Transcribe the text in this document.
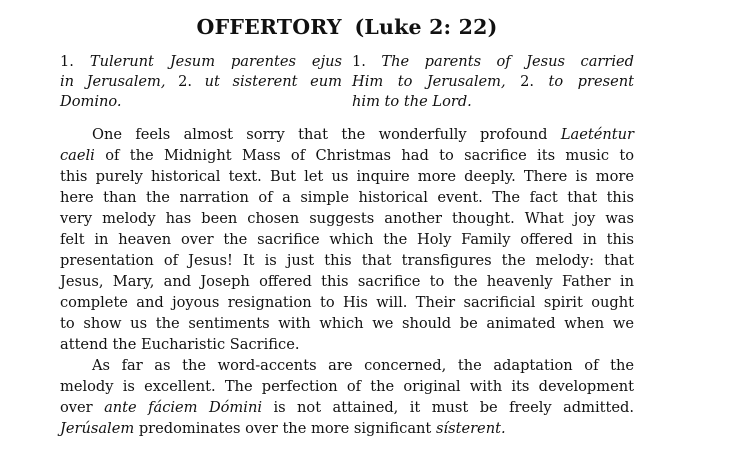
OFFERTORY (Luke 2: 22)
1. Tulerunt Jesum parentes ejus
in Jerusalem, 2. ut sisterent eum
Domino.
1. The parents of Jesus carried
Him to Jerusalem, 2. to present
him to the Lord.
One feels almost sorry that the wonderfully profound Laeténtur
caeli of the Midnight Mass of Christmas had to sacrifice its music to
this purely historical text. But let us inquire more deeply. There is more
here than the narration of a simple historical event. The fact that this
very melody has been chosen suggests another thought. What joy was
felt in heaven over the sacrifice which the Holy Family offered in this
presentation of Jesus! It is just this that transfigures the melody: that
Jesus, Mary, and Joseph offered this sacrifice to the heavenly Father in
complete and joyous resignation to His will. Their sacrificial spirit ought
to show us the sentiments with which we should be animated when we
attend the Eucharistic Sacrifice.
As far as the word-accents are concerned, the adaptation of the
melody is excellent. The perfection of the original with its development
over ante fáciem Dómini is not attained, it must be freely admitted.
Jerúsalem predominates over the more significant sísterent.
